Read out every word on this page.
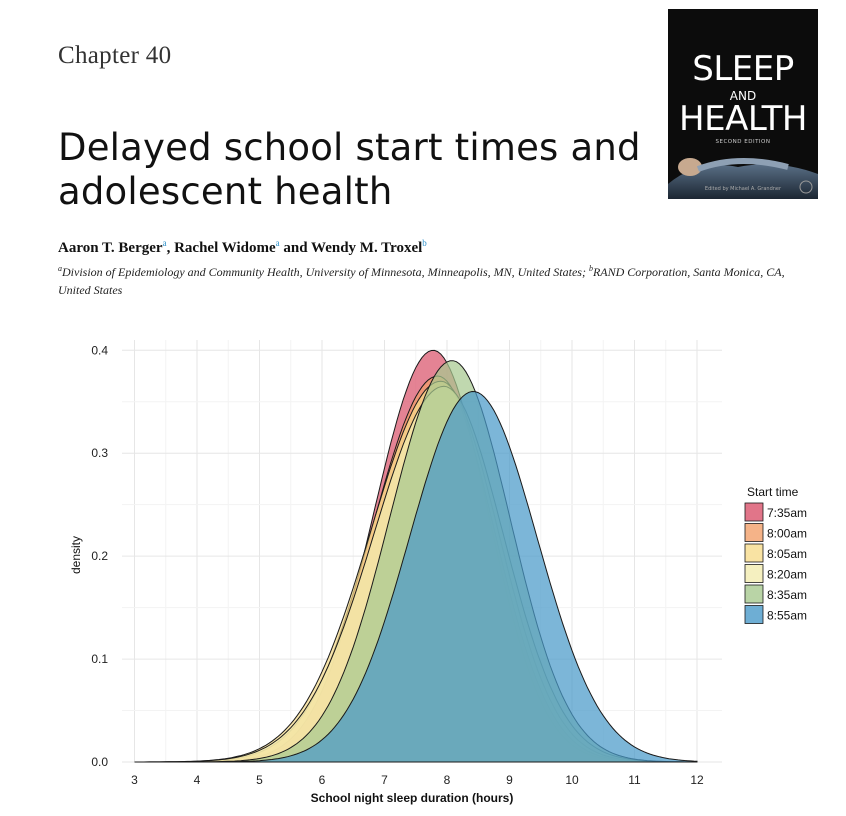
Chapter 40
Delayed school start times and adolescent health
Aaron T. Berger$^a$, Rachel Widome$^a$ and Wendy M. Troxel$^b$
$^a$Division of Epidemiology and Community Health, University of Minnesota, Minneapolis, MN, United States; $^b$RAND Corporation, Santa Monica, CA, United States
SLEEP
AND
HEALTH
SECOND EDITION
Edited by Michael A. Grandner
3	4	5	6	7	8	9	10	11	12
0.0
0.1
0.2
0.3
0.4
School night sleep duration (hours)
density
Start time
7:35am
8:00am
8:05am
8:20am
8:35am
8:55am
